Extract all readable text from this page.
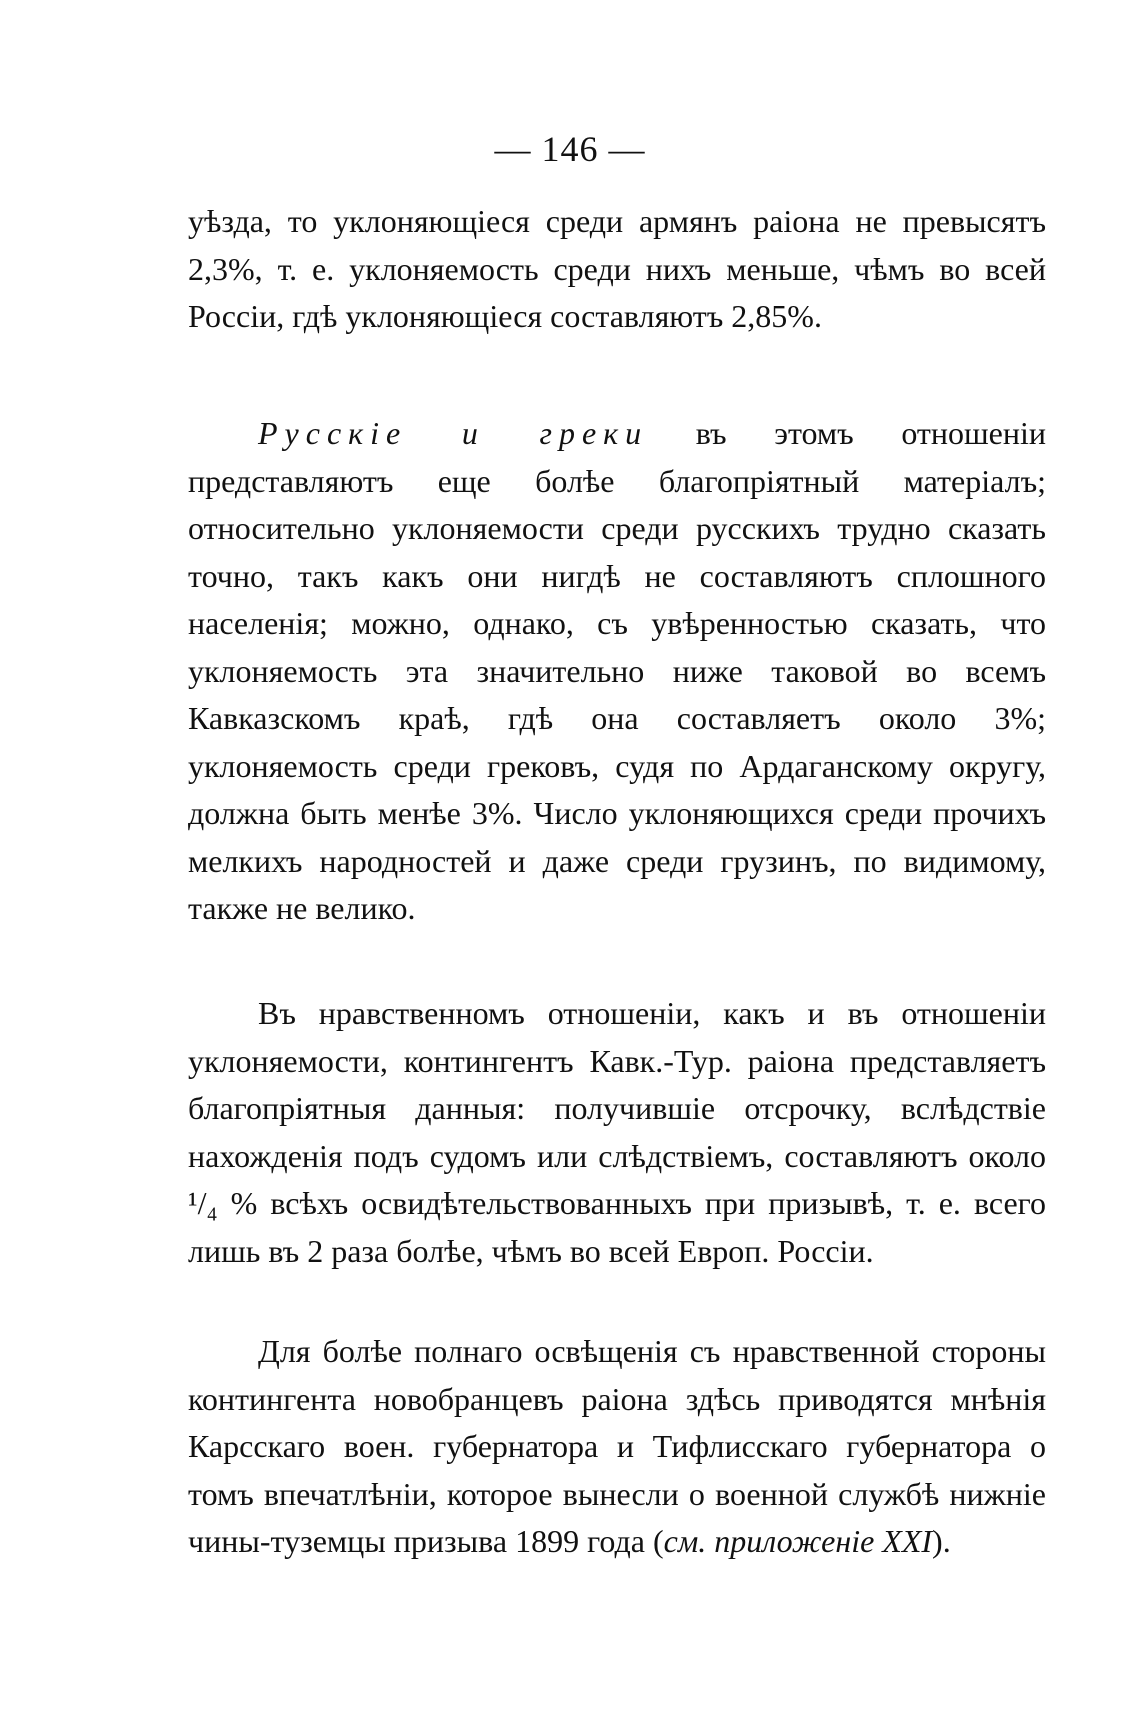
— 146 —

уѣзда, то уклоняющіеся среди армянъ раіона не превысятъ 2,3%, т. е. уклоняемость среди нихъ меньше, чѣмъ во всей Россіи, гдѣ уклоняющіеся составляютъ 2,85%.

Русскіе и греки въ этомъ отношеніи представляютъ еще болѣе благопріятный матеріалъ; относительно уклоняемости среди русскихъ трудно сказать точно, такъ какъ они нигдѣ не составляютъ сплошного населенія; можно, однако, съ увѣренностью сказать, что уклоняемость эта значительно ниже таковой во всемъ Кавказскомъ краѣ, гдѣ она составляетъ около 3%; уклоняемость среди грековъ, судя по Ардаганскому округу, должна быть менѣе 3%. Число уклоняющихся среди прочихъ мелкихъ народностей и даже среди грузинъ, по видимому, также не велико.

Въ нравственномъ отношеніи, какъ и въ отношеніи уклоняемости, контингентъ Кавк.-Тур. раіона представляетъ благопріятныя данныя: получившіе отсрочку, вслѣдствіе нахожденія подъ судомъ или слѣдствіемъ, составляютъ около ¹/₄ % всѣхъ освидѣтельствованныхъ при призывѣ, т. е. всего лишь въ 2 раза болѣе, чѣмъ во всей Европ. Россіи.

Для болѣе полнаго освѣщенія съ нравственной стороны контингента новобранцевъ раіона здѣсь приводятся мнѣнія Карсскаго воен. губернатора и Тифлисскаго губернатора о томъ впечатлѣніи, которое вынесли о военной службѣ нижніе чины-туземцы призыва 1899 года (см. приложеніе XXI).
